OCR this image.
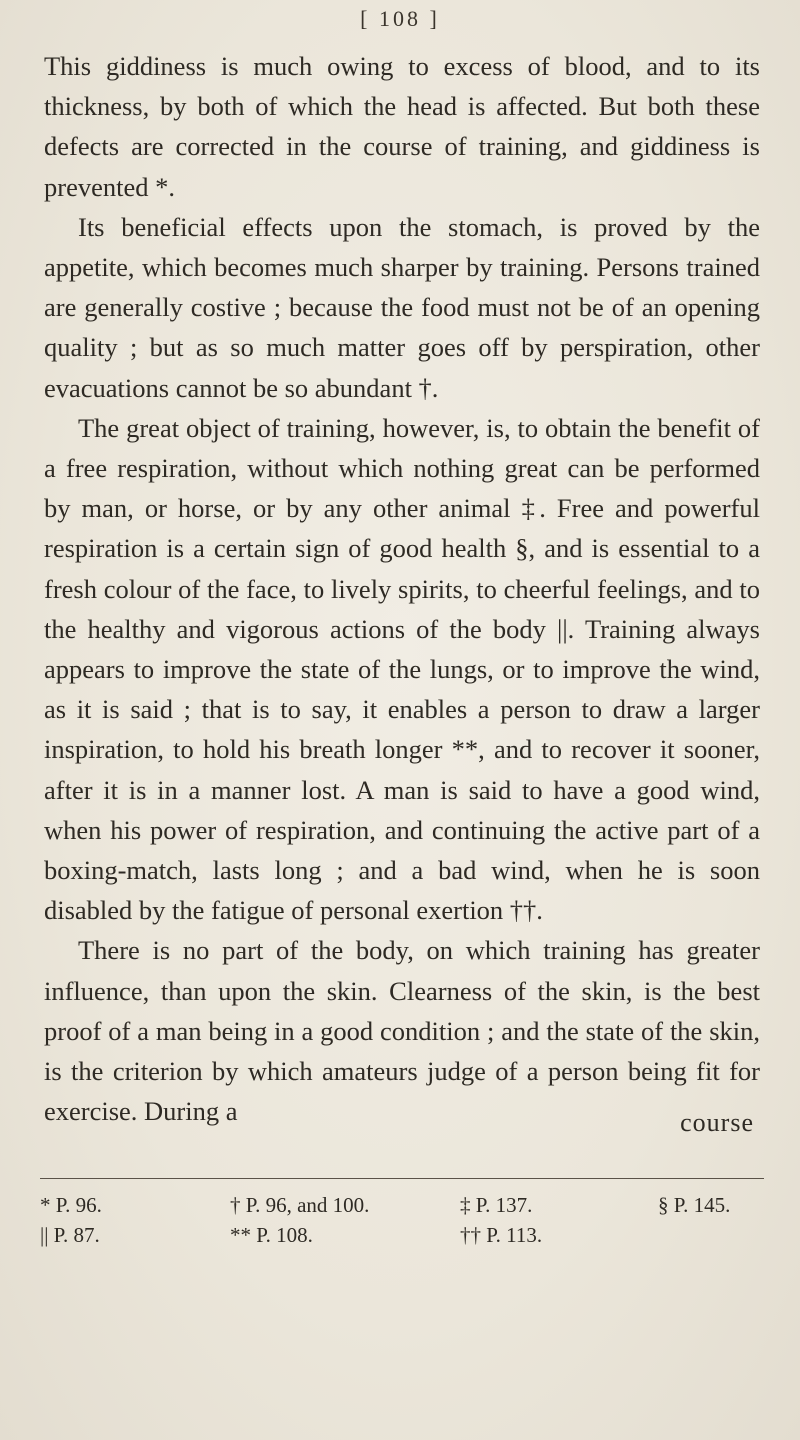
[ 108 ]

This giddiness is much owing to excess of blood, and to its thickness, by both of which the head is affected. But both these defects are corrected in the course of training, and giddiness is prevented *.

Its beneficial effects upon the stomach, is proved by the appetite, which becomes much sharper by training. Persons trained are generally costive ; because the food must not be of an opening quality ; but as so much matter goes off by perspiration, other evacuations cannot be so abundant †.

The great object of training, however, is, to obtain the benefit of a free respiration, without which nothing great can be performed by man, or horse, or by any other animal ‡. Free and powerful respiration is a certain sign of good health §, and is essential to a fresh colour of the face, to lively spirits, to cheerful feelings, and to the healthy and vigorous actions of the body ||. Training always appears to improve the state of the lungs, or to improve the wind, as it is said ; that is to say, it enables a person to draw a larger inspiration, to hold his breath longer **, and to recover it sooner, after it is in a manner lost. A man is said to have a good wind, when his power of respiration, and continuing the active part of a boxing-match, lasts long ; and a bad wind, when he is soon disabled by the fatigue of personal exertion ††.

There is no part of the body, on which training has greater influence, than upon the skin. Clearness of the skin, is the best proof of a man being in a good condition ; and the state of the skin, is the criterion by which amateurs judge of a person being fit for exercise. During a	course
* P. 96.	† P. 96, and 100.	‡ P. 137.	§ P. 145.
|| P. 87.	** P. 108.	†† P. 113.
